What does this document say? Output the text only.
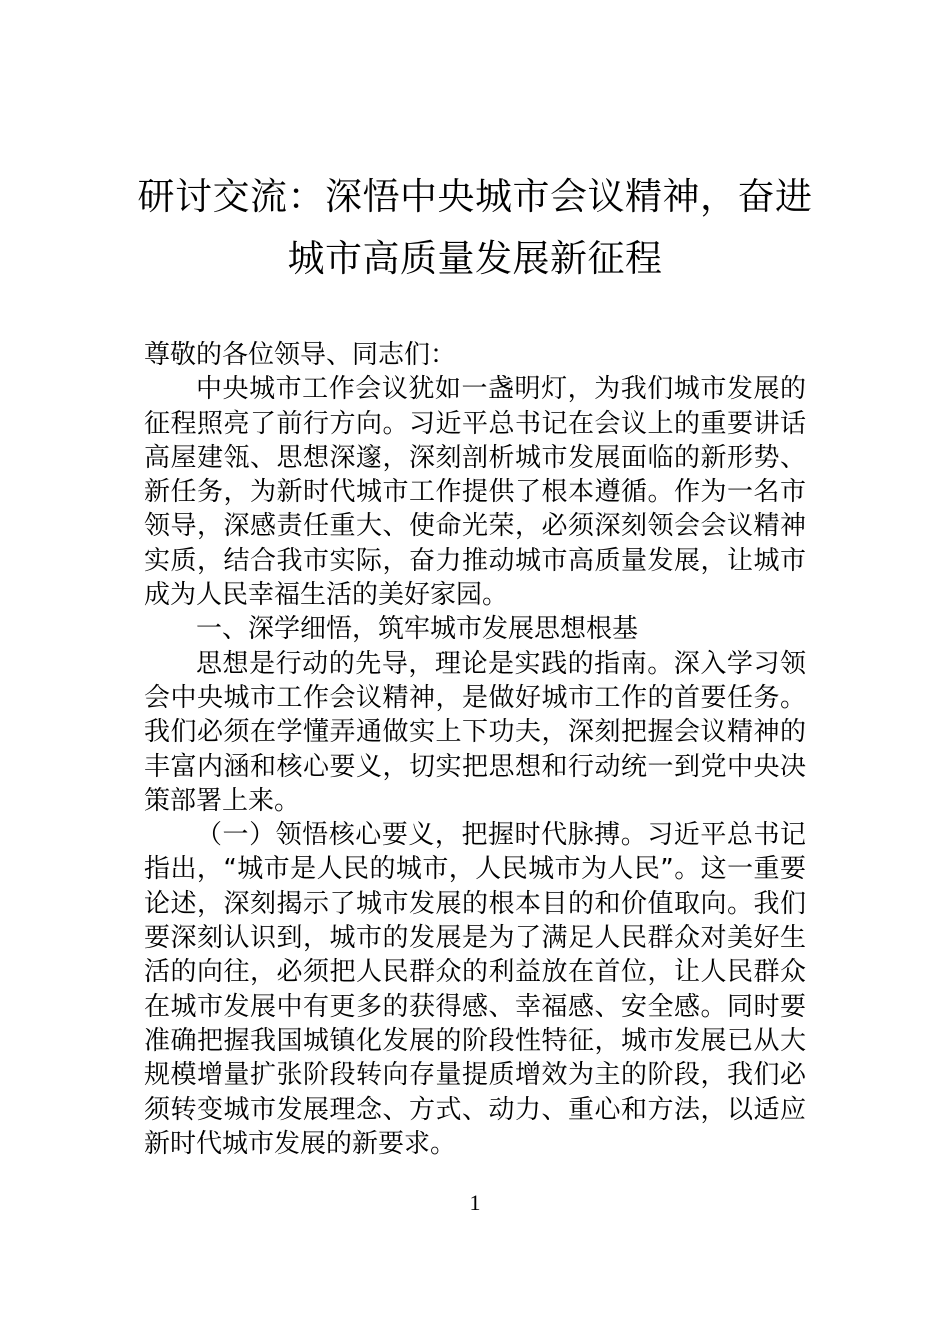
研讨交流：深悟中央城市会议精神，奋进
城市高质量发展新征程

尊敬的各位领导、同志们：

中央城市工作会议犹如一盏明灯，为我们城市发展的征程照亮了前行方向。习近平总书记在会议上的重要讲话高屋建瓴、思想深邃，深刻剖析城市发展面临的新形势、新任务，为新时代城市工作提供了根本遵循。作为一名市领导，深感责任重大、使命光荣，必须深刻领会会议精神实质，结合我市实际，奋力推动城市高质量发展，让城市成为人民幸福生活的美好家园。

一、深学细悟，筑牢城市发展思想根基

思想是行动的先导，理论是实践的指南。深入学习领会中央城市工作会议精神，是做好城市工作的首要任务。我们必须在学懂弄通做实上下功夫，深刻把握会议精神的丰富内涵和核心要义，切实把思想和行动统一到党中央决策部署上来。

（一）领悟核心要义，把握时代脉搏。习近平总书记指出，“城市是人民的城市，人民城市为人民”。这一重要论述，深刻揭示了城市发展的根本目的和价值取向。我们要深刻认识到，城市的发展是为了满足人民群众对美好生活的向往，必须把人民群众的利益放在首位，让人民群众在城市发展中有更多的获得感、幸福感、安全感。同时要准确把握我国城镇化发展的阶段性特征，城市发展已从大规模增量扩张阶段转向存量提质增效为主的阶段，我们必须转变城市发展理念、方式、动力、重心和方法，以适应新时代城市发展的新要求。

1
